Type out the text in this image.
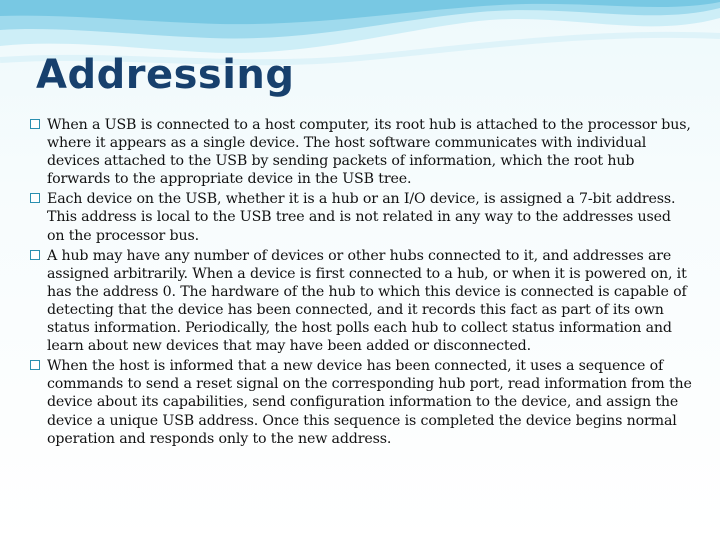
Addressing
When a USB is connected to a host computer, its root hub is attached to the processor bus, where it appears as a single device. The host software communicates with individual devices attached to the USB by sending packets of information, which the root hub forwards to the appropriate device in the USB tree.
Each device on the USB, whether it is a hub or an I/O device, is assigned a 7-bit address. This address is local to the USB tree and is not related in any way to the addresses used on the processor bus.
A hub may have any number of devices or other hubs connected to it, and addresses are assigned arbitrarily. When a device is first connected to a hub, or when it is powered on, it has the address 0. The hardware of the hub to which this device is connected is capable of detecting that the device has been connected, and it records this fact as part of its own status information. Periodically, the host polls each hub to collect status information and learn about new devices that may have been added or disconnected.
When the host is informed that a new device has been connected, it uses a sequence of commands to send a reset signal on the corresponding hub port, read information from the device about its capabilities, send configuration information to the device, and assign the device a unique USB address. Once this sequence is completed the device begins normal operation and responds only to the new address.
